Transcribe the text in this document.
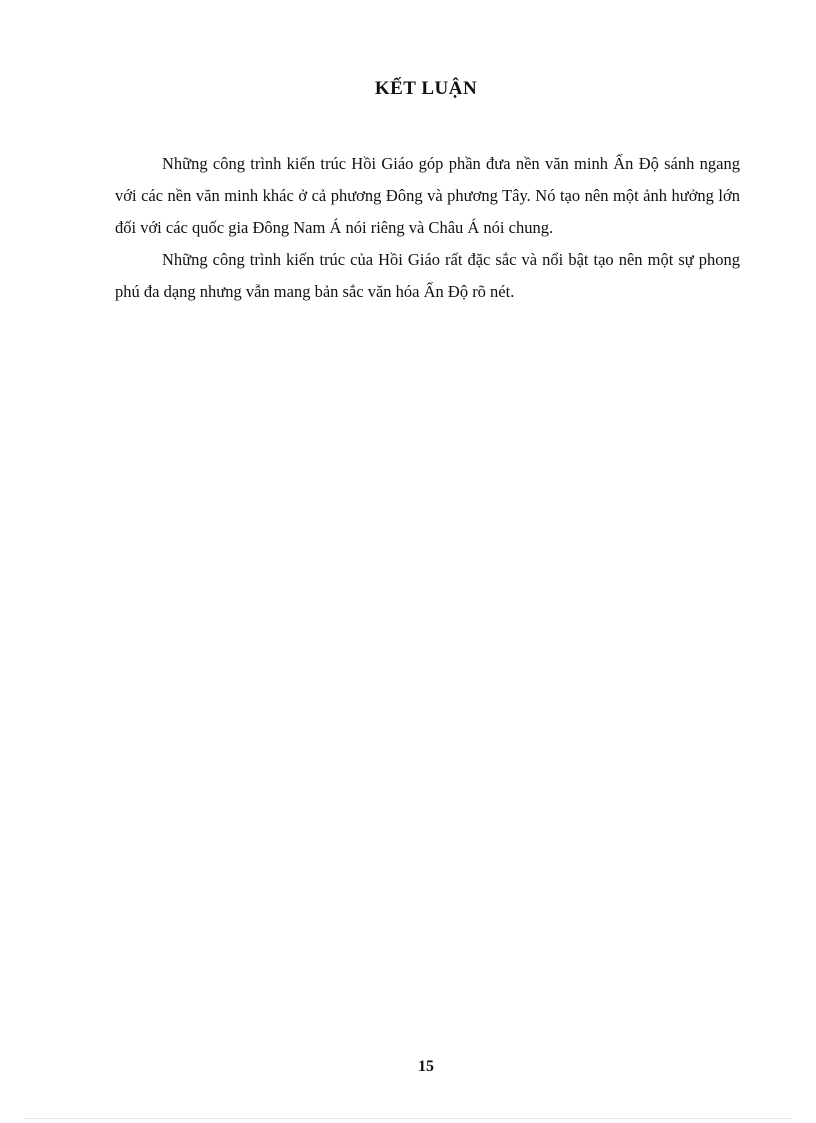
KẾT LUẬN

Những công trình kiến trúc Hồi Giáo góp phần đưa nền văn minh Ấn Độ sánh ngang với các nền văn minh khác ở cả phương Đông và phương Tây. Nó tạo nên một ảnh hưởng lớn đối với các quốc gia Đông Nam Á nói riêng và Châu Á nói chung.

Những công trình kiến trúc của Hồi Giáo rất đặc sắc và nổi bật tạo nên một sự phong phú đa dạng nhưng vẫn mang bản sắc văn hóa Ấn Độ rõ nét.

15
